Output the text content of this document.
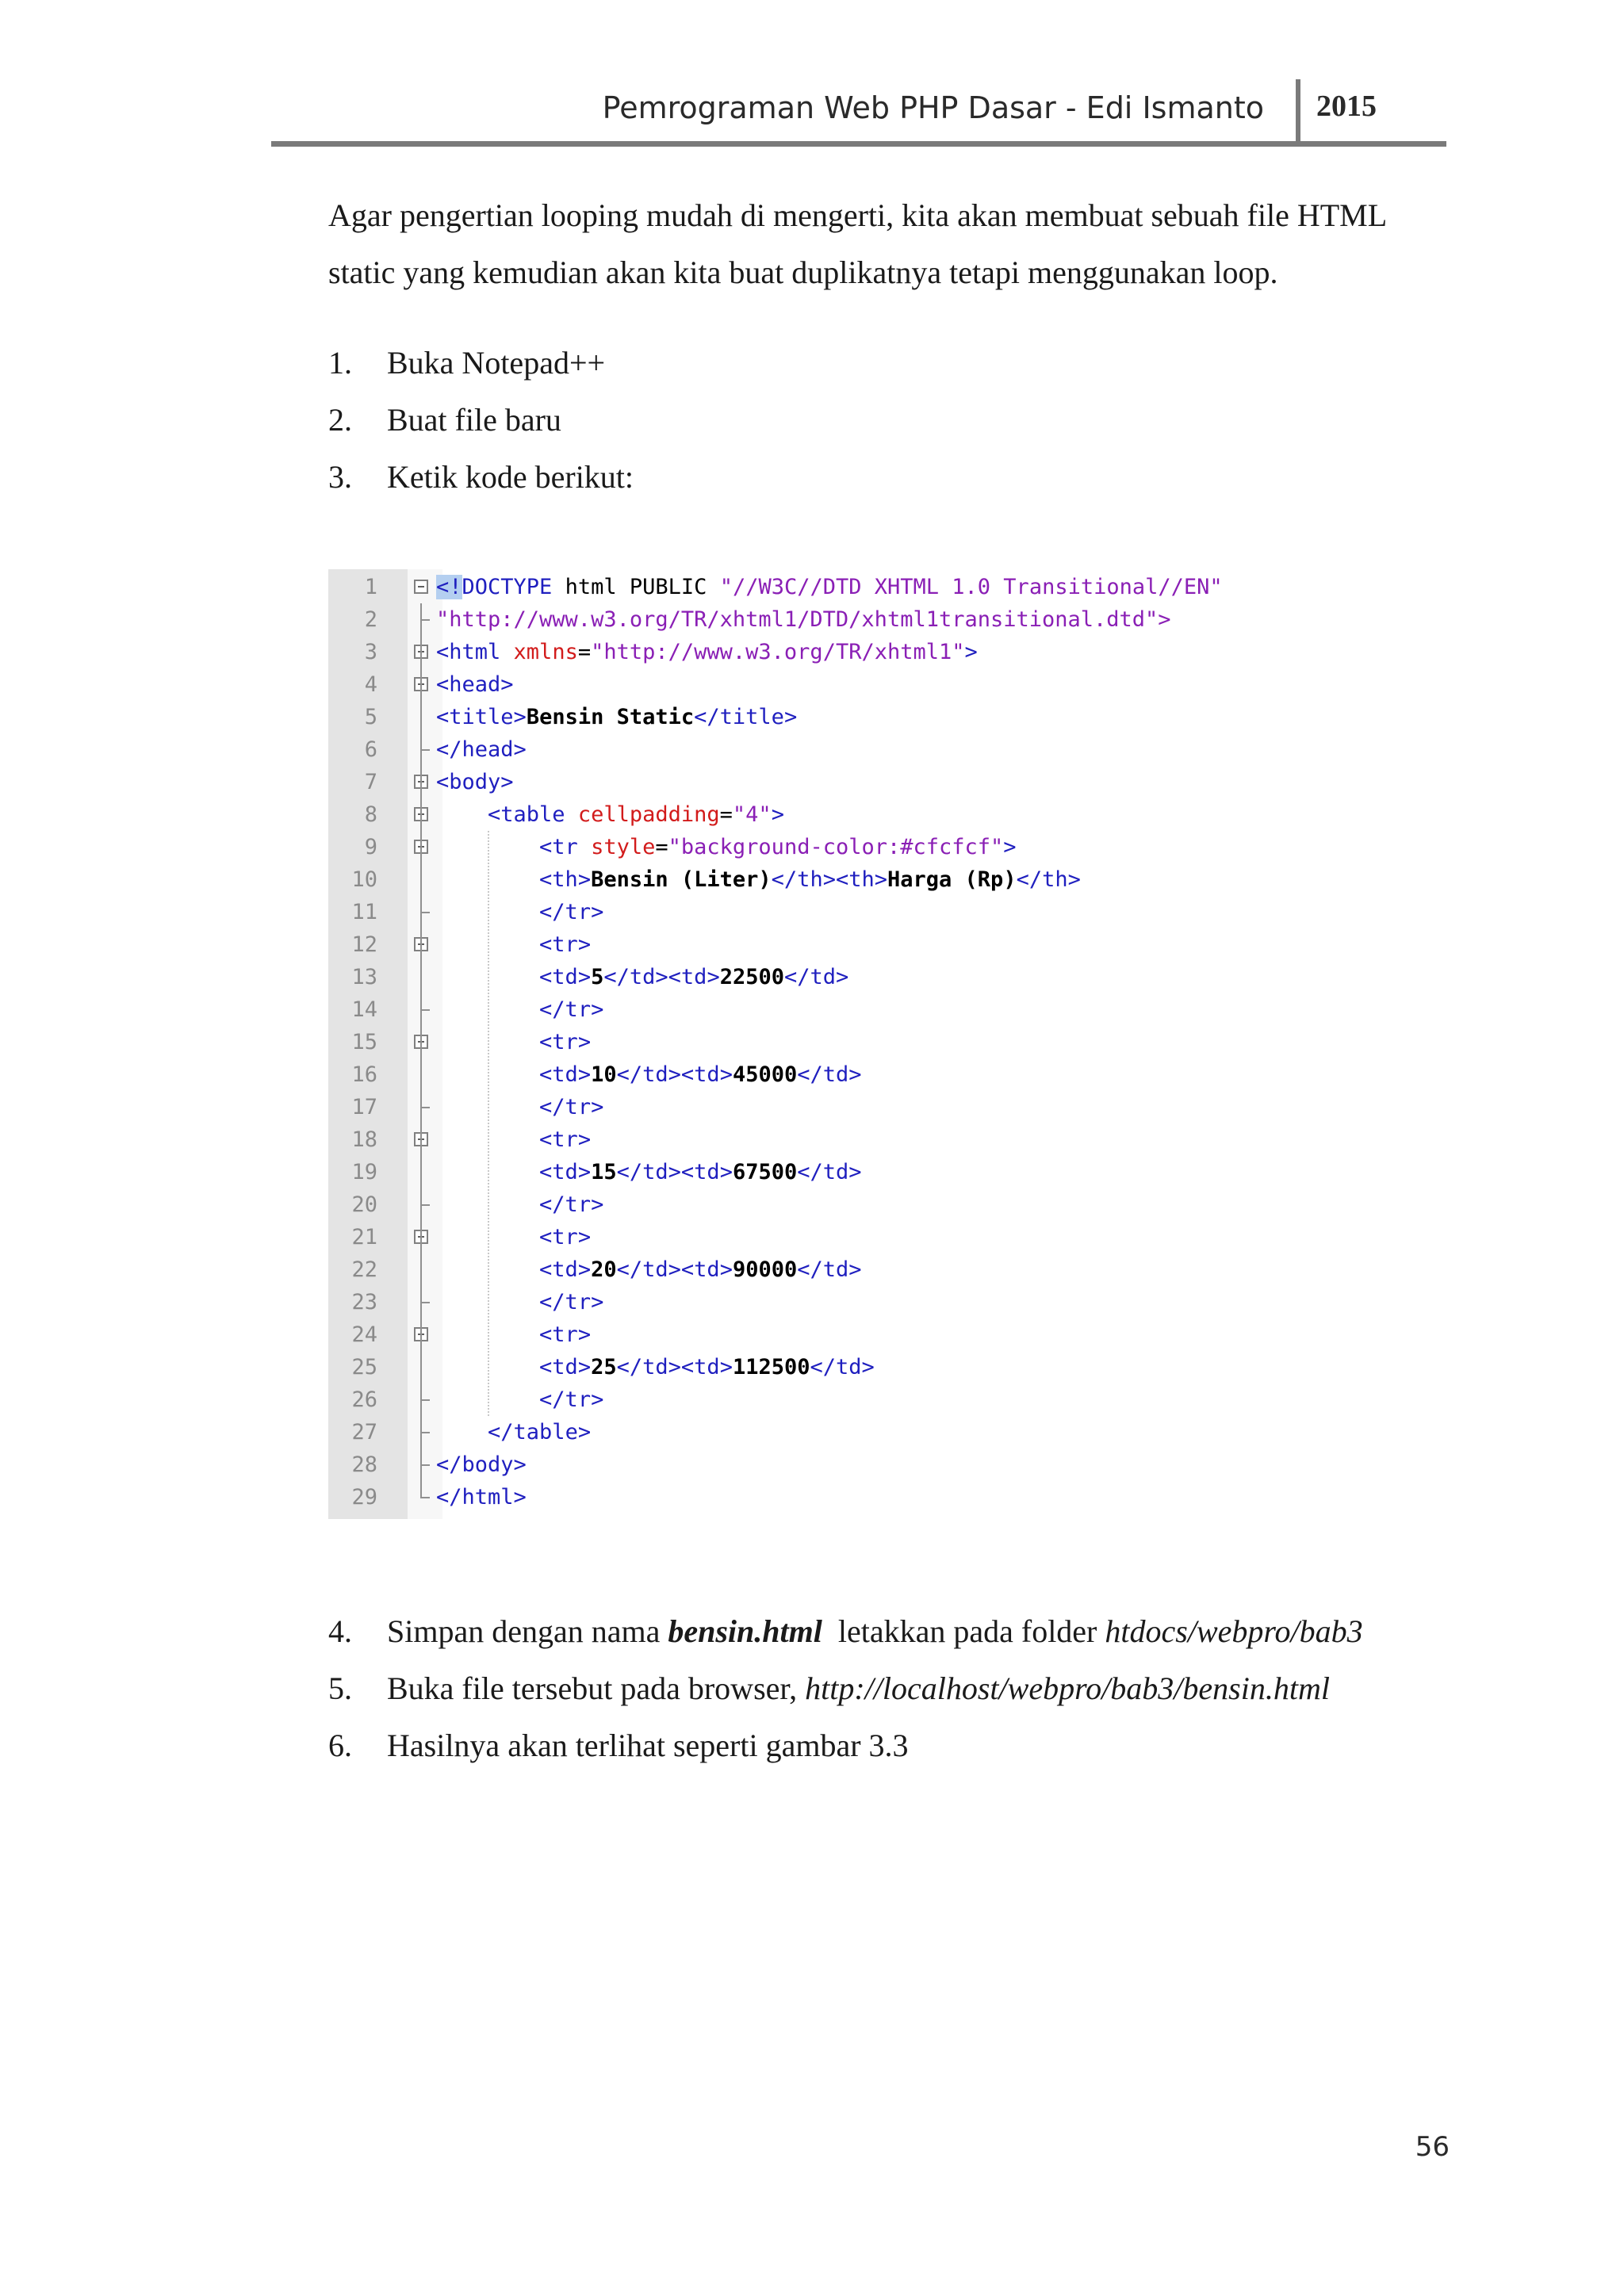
Pemrograman Web PHP Dasar - Edi Ismanto 2015

Agar pengertian looping mudah di mengerti, kita akan membuat sebuah file HTML static yang kemudian akan kita buat duplikatnya tetapi menggunakan loop.

1. Buka Notepad++
2. Buat file baru
3. Ketik kode berikut:
1	<!DOCTYPE html PUBLIC "//W3C//DTD XHTML 1.0 Transitional//EN"
2	"http://www.w3.org/TR/xhtml1/DTD/xhtml1transitional.dtd">
3	<html xmlns="http://www.w3.org/TR/xhtml1">
4	<head>
5	<title>Bensin Static</title>
6	</head>
7	<body>
8	<table cellpadding="4">
9	<tr style="background-color:#cfcfcf">
10	<th>Bensin (Liter)</th><th>Harga (Rp)</th>
11	</tr>
12	<tr>
13	<td>5</td><td>22500</td>
14	</tr>
15	<tr>
16	<td>10</td><td>45000</td>
17	</tr>
18	<tr>
19	<td>15</td><td>67500</td>
20	</tr>
21	<tr>
22	<td>20</td><td>90000</td>
23	</tr>
24	<tr>
25	<td>25</td><td>112500</td>
26	</tr>
27	</table>
28	</body>
29	</html>
4. Simpan dengan nama bensin.html  letakkan pada folder htdocs/webpro/bab3
5. Buka file tersebut pada browser, http://localhost/webpro/bab3/bensin.html
6. Hasilnya akan terlihat seperti gambar 3.3
56
